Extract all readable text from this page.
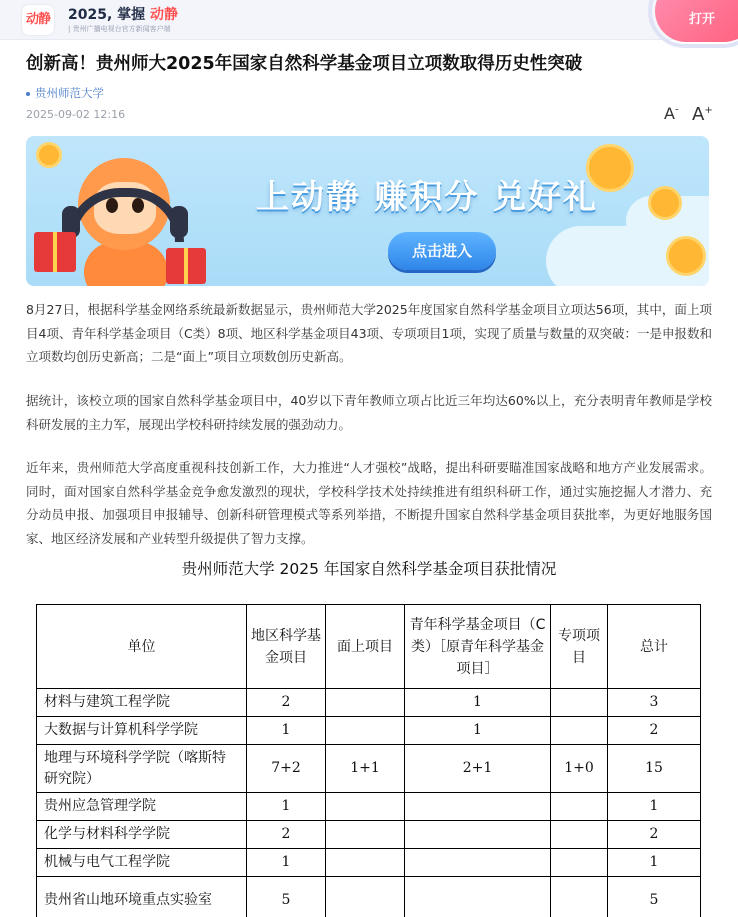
动静 2025, 掌握 动静
| 贵州广播电视台官方新闻客户端
打开
创新高！贵州师大2025年国家自然科学基金项目立项数取得历史性突破
贵州师范大学
2025-09-02 12:16	A- A+
上动静 赚积分 兑好礼
点击进入

8月27日，根据科学基金网络系统最新数据显示，贵州师范大学2025年度国家自然科学基金项目立项达56项，其中，面上项目4项、青年科学基金项目（C类）8项、地区科学基金项目43项、专项项目1项，实现了质量与数量的双突破：一是申报数和立项数均创历史新高；二是“面上”项目立项数创历史新高。

据统计，该校立项的国家自然科学基金项目中，40岁以下青年教师立项占比近三年均达60%以上，充分表明青年教师是学校科研发展的主力军，展现出学校科研持续发展的强劲动力。

近年来，贵州师范大学高度重视科技创新工作，大力推进“人才强校”战略，提出科研要瞄准国家战略和地方产业发展需求。同时，面对国家自然科学基金竞争愈发激烈的现状，学校科学技术处持续推进有组织科研工作，通过实施挖掘人才潜力、充分动员申报、加强项目申报辅导、创新科研管理模式等系列举措，不断提升国家自然科学基金项目获批率，为更好地服务国家、地区经济发展和产业转型升级提供了智力支撑。

贵州师范大学 2025 年国家自然科学基金项目获批情况
单位	地区科学基金项目	面上项目	青年科学基金项目（C 类）［原青年科学基金项目］	专项项目	总计
材料与建筑工程学院	2		1		3
大数据与计算机科学学院	1		1		2
地理与环境科学学院（喀斯特研究院）	7+2	1+1	2+1	1+0	15
贵州应急管理学院	1				1
化学与材料科学学院	2				2
机械与电气工程学院	1				1
贵州省山地环境重点实验室	5				5
